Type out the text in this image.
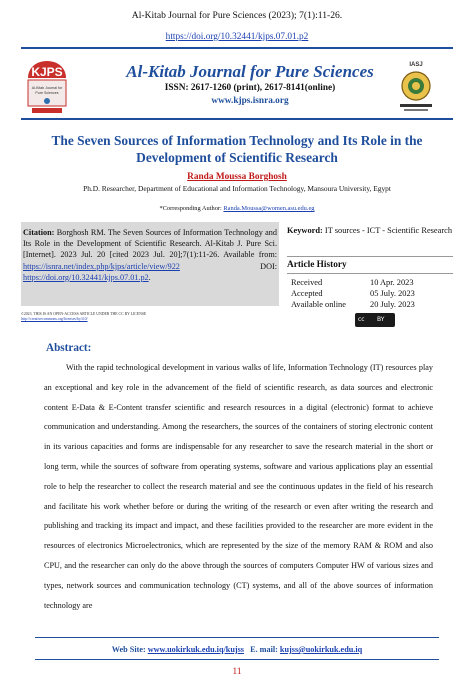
Al-Kitab Journal for Pure Sciences (2023); 7(1):11-26.
https://doi.org/10.32441/kjps.07.01.p2
KJPS
Al-Kitab Journal for
Pure Sciences
Al-Kitab Journal for Pure Sciences
ISSN: 2617-1260 (print), 2617-8141(online)
www.kjps.isnra.org
IASJ
The Seven Sources of Information Technology and Its Role in the Development of Scientific Research
Randa Moussa Borghosh
Ph.D. Researcher, Department of Educational and Information Technology, Mansoura University, Egypt
*Corresponding Author: Randa.Moussa@women.asu.edu.eg
Citation: Borghosh RM. The Seven Sources of Information Technology and Its Role in the Development of Scientific Research. Al-Kitab J. Pure Sci. [Internet]. 2023 Jul. 20 [cited 2023 Jul. 20];7(1):11-26. Available from: https://isnra.net/index.php/kjps/article/view/922	DOI: https://doi.org/10.32441/kjps.07.01.p2.
Keyword: IT sources - ICT - Scientific Research
Article History
Received	10 Apr. 2023
Accepted	05 July. 2023
Available online	20 July. 2023
©2023. THIS IS AN OPEN-ACCESS ARTICLE UNDER THE CC BY LICENSE
http://creativecommons.org/licenses/by/4.0/	cc BY
Abstract:
With the rapid technological development in various walks of life, Information Technology (IT) resources play an exceptional and key role in the advancement of the field of scientific research, as data sources and electronic content E-Data & E-Content transfer scientific and research resources in a digital (electronic) format to achieve communication and understanding. Among the researchers, the sources of the containers of storing electronic content in its various capacities and forms are indispensable for any researcher to save the research material in the short or long term, while the sources of software from operating systems, software and various applications play an essential role to help the researcher to collect the research material and see the continuous updates in the field of his research and facilitate his work whether before or during the writing of the research or even after writing the research and publishing and tracking its impact and impact, and these facilities provided to the researcher are more evident in the resources of electronics Microelectronics, which are represented by the size of the memory RAM & ROM and also CPU, and the researcher can only do the above through the sources of computers Computer HW of various sizes and types, network sources and communication technology (CT) systems, and all of the above sources of information technology are
Web Site: www.uokirkuk.edu.iq/kujss E. mail: kujss@uokirkuk.edu.iq
11
